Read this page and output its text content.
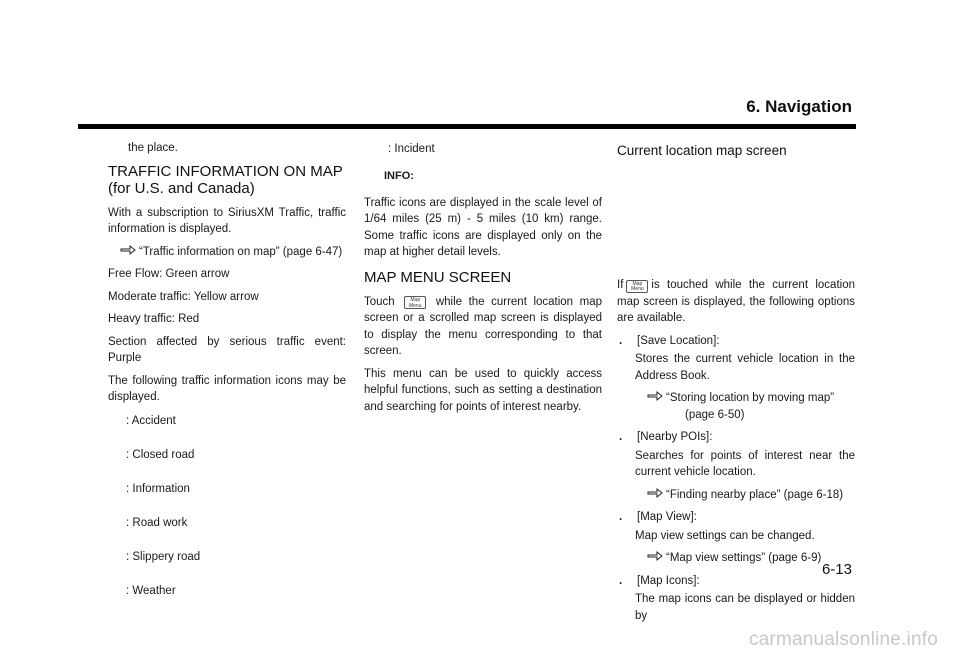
6. Navigation

the place.

TRAFFIC INFORMATION ON MAP (for U.S. and Canada)

With a subscription to SiriusXM Traffic, traffic information is displayed.

“Traffic information on map” (page 6-47)

Free Flow: Green arrow

Moderate traffic: Yellow arrow

Heavy traffic: Red

Section affected by serious traffic event: Purple

The following traffic information icons may be displayed.

: Accident
: Closed road
: Information
: Road work
: Slippery road
: Weather
: Incident
INFO:

Traffic icons are displayed in the scale level of 1/64 miles (25 m) - 5 miles (10 km) range. Some traffic icons are displayed only on the map at higher detail levels.

MAP MENU SCREEN

Touch	Map
Menu while the current location map screen or a scrolled map screen is displayed to display the menu corresponding to that screen.

This menu can be used to quickly access helpful functions, such as setting a destination and searching for points of interest nearby.

Current location map screen

If Map
Menu is touched while the current location map screen is displayed, the following options are available.

. [Save Location]:

Stores the current vehicle location in the Address Book.

“Storing location by moving map”
(page 6-50)
. [Nearby POIs]:

Searches for points of interest near the current vehicle location.

“Finding nearby place” (page 6-18)
. [Map View]:

Map view settings can be changed.

“Map view settings” (page 6-9)
. [Map Icons]:

The map icons can be displayed or hidden by

6-13
carmanualsonline.info
